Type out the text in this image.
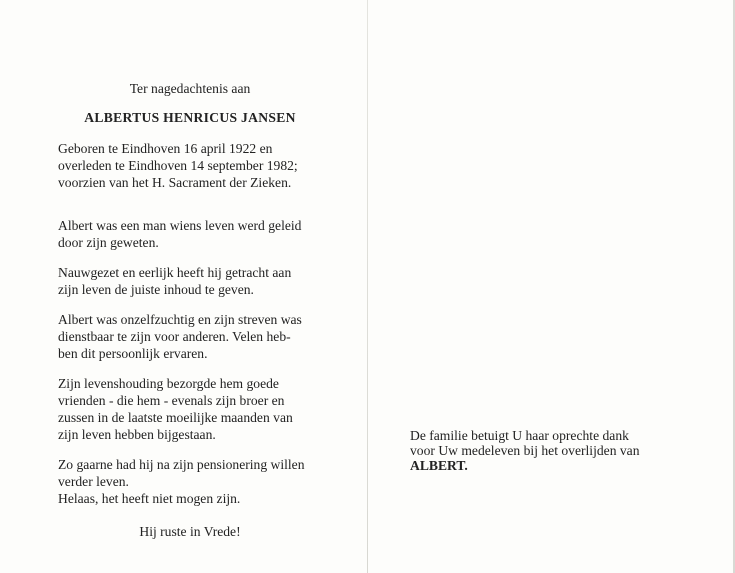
Ter nagedachtenis aan

ALBERTUS HENRICUS JANSEN

Geboren te Eindhoven 16 april 1922 en
overleden te Eindhoven 14 september 1982;
voorzien van het H. Sacrament der Zieken.
Albert was een man wiens leven werd geleid
door zijn geweten.
Nauwgezet en eerlijk heeft hij getracht aan
zijn leven de juiste inhoud te geven.
Albert was onzelfzuchtig en zijn streven was
dienstbaar te zijn voor anderen. Velen heb-
ben dit persoonlijk ervaren.
Zijn levenshouding bezorgde hem goede
vrienden - die hem - evenals zijn broer en
zussen in de laatste moeilijke maanden van
zijn leven hebben bijgestaan.
Zo gaarne had hij na zijn pensionering willen
verder leven.
Helaas, het heeft niet mogen zijn.

Hij ruste in Vrede!

De familie betuigt U haar oprechte dank
voor Uw medeleven bij het overlijden van
ALBERT.
